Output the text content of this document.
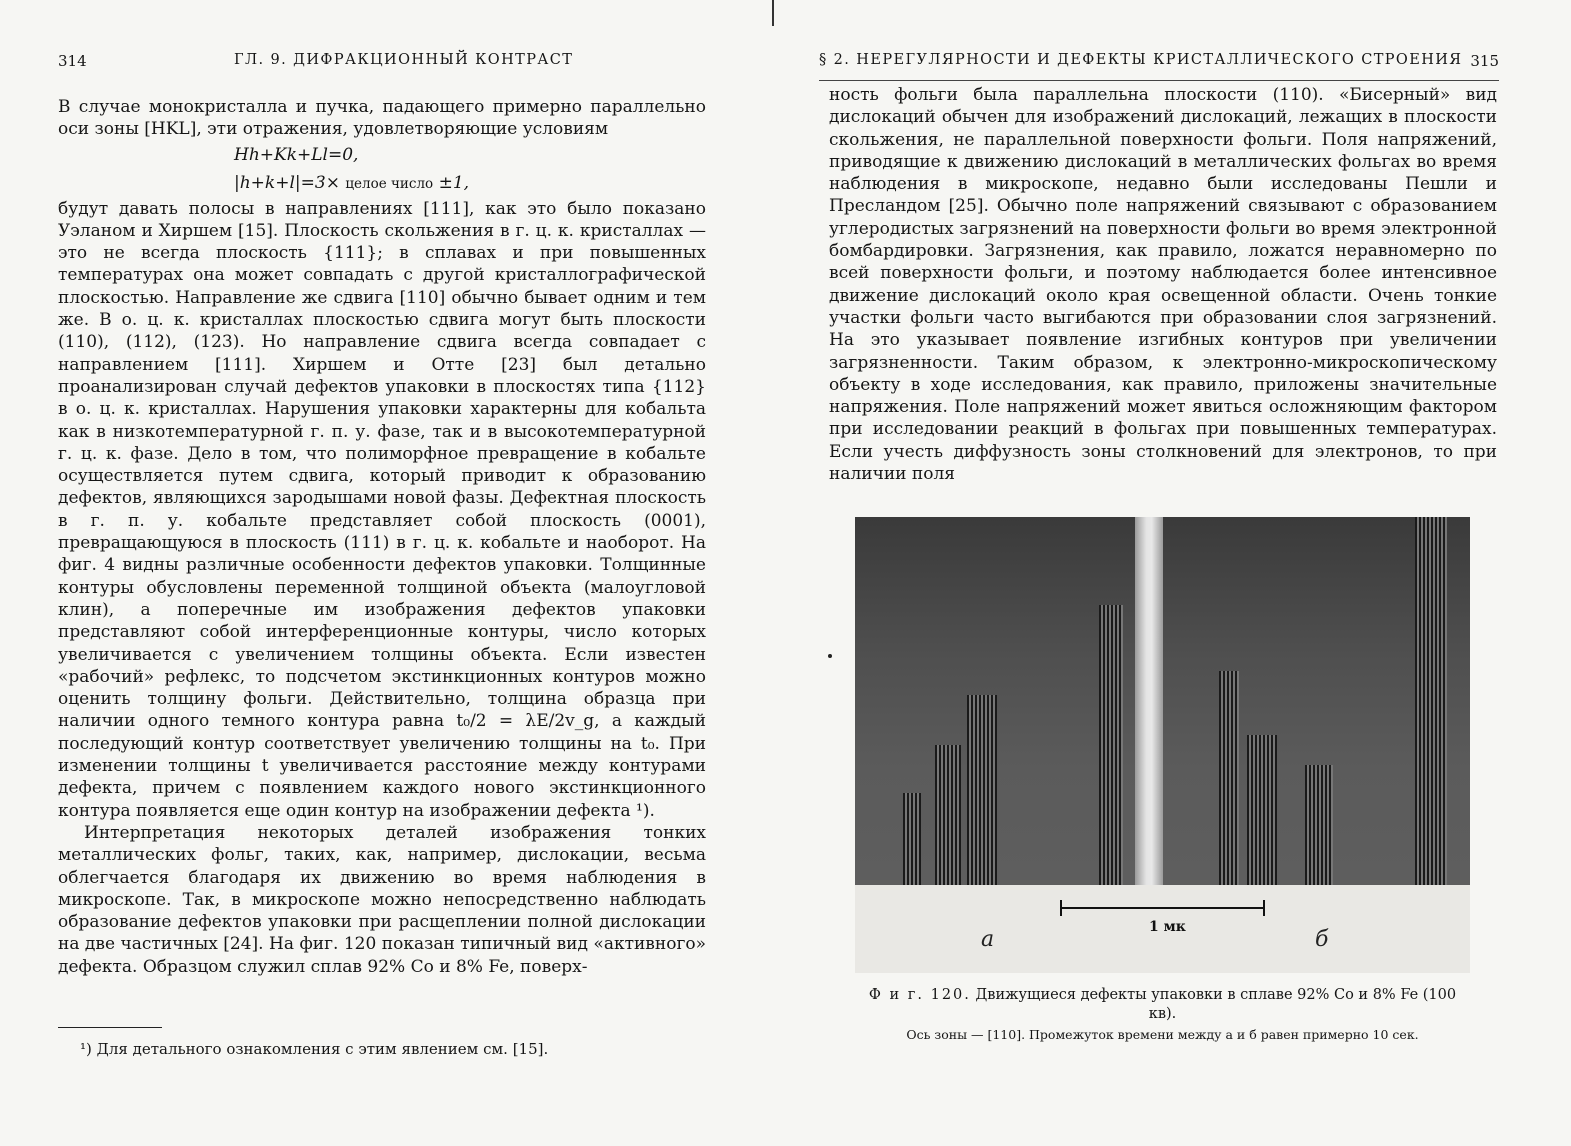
314	ГЛ. 9. ДИФРАКЦИОННЫЙ КОНТРАСТ

В случае монокристалла и пучка, падающего примерно параллельно оси зоны [HKL], эти отражения, удовлетворяющие условиям

Hh+Kk+Ll=0,

|h+k+l|=3× целое число ±1,

будут давать полосы в направлениях [111], как это было показано Уэланом и Хиршем [15]. Плоскость скольжения в г. ц. к. кристаллах — это не всегда плоскость {111}; в сплавах и при повышенных температурах она может совпадать с другой кристаллографической плоскостью. Направление же сдвига [110] обычно бывает одним и тем же. В о. ц. к. кристаллах плоскостью сдвига могут быть плоскости (110), (112), (123). Но направление сдвига всегда совпадает с направлением [111]. Хиршем и Отте [23] был детально проанализирован случай дефектов упаковки в плоскостях типа {112} в о. ц. к. кристаллах. Нарушения упаковки характерны для кобальта как в низкотемпературной г. п. у. фазе, так и в высокотемпературной г. ц. к. фазе. Дело в том, что полиморфное превращение в кобальте осуществляется путем сдвига, который приводит к образованию дефектов, являющихся зародышами новой фазы. Дефектная плоскость в г. п. у. кобальте представляет собой плоскость (0001), превращающуюся в плоскость (111) в г. ц. к. кобальте и наоборот. На фиг. 4 видны различные особенности дефектов упаковки. Толщинные контуры обусловлены переменной толщиной объекта (малоугловой клин), а поперечные им изображения дефектов упаковки представляют собой интерференционные контуры, число которых увеличивается с увеличением толщины объекта. Если известен «рабочий» рефлекс, то подсчетом экстинкционных контуров можно оценить толщину фольги. Действительно, толщина образца при наличии одного темного контура равна t₀/2 = λE/2v_g, а каждый последующий контур соответствует увеличению толщины на t₀. При изменении толщины t увеличивается расстояние между контурами дефекта, причем с появлением каждого нового экстинкционного контура появляется еще один контур на изображении дефекта ¹).

Интерпретация некоторых деталей изображения тонких металлических фольг, таких, как, например, дислокации, весьма облегчается благодаря их движению во время наблюдения в микроскопе. Так, в микроскопе можно непосредственно наблюдать образование дефектов упаковки при расщеплении полной дислокации на две частичных [24]. На фиг. 120 показан типичный вид «активного» дефекта. Образцом служил сплав 92% Co и 8% Fe, поверх-

¹) Для детального ознакомления с этим явлением см. [15].
§ 2. НЕРЕГУЛЯРНОСТИ И ДЕФЕКТЫ КРИСТАЛЛИЧЕСКОГО СТРОЕНИЯ 315

ность фольги была параллельна плоскости (110). «Бисерный» вид дислокаций обычен для изображений дислокаций, лежащих в плоскости скольжения, не параллельной поверхности фольги. Поля напряжений, приводящие к движению дислокаций в металлических фольгах во время наблюдения в микроскопе, недавно были исследованы Пешли и Пресландом [25]. Обычно поле напряжений связывают с образованием углеродистых загрязнений на поверхности фольги во время электронной бомбардировки. Загрязнения, как правило, ложатся неравномерно по всей поверхности фольги, и поэтому наблюдается более интенсивное движение дислокаций около края освещенной области. Очень тонкие участки фольги часто выгибаются при образовании слоя загрязнений. На это указывает появление изгибных контуров при увеличении загрязненности. Таким образом, к электронно-микроскопическому объекту в ходе исследования, как правило, приложены значительные напряжения. Поле напряжений может явиться осложняющим фактором при исследовании реакций в фольгах при повышенных температурах. Если учесть диффузность зоны столкновений для электронов, то при наличии поля

1 мк
а	б
Ф и г. 120. Движущиеся дефекты упаковки в сплаве 92% Co и 8% Fe (100 кв).
Ось зоны — [110]. Промежуток времени между а и б равен примерно 10 сек.
